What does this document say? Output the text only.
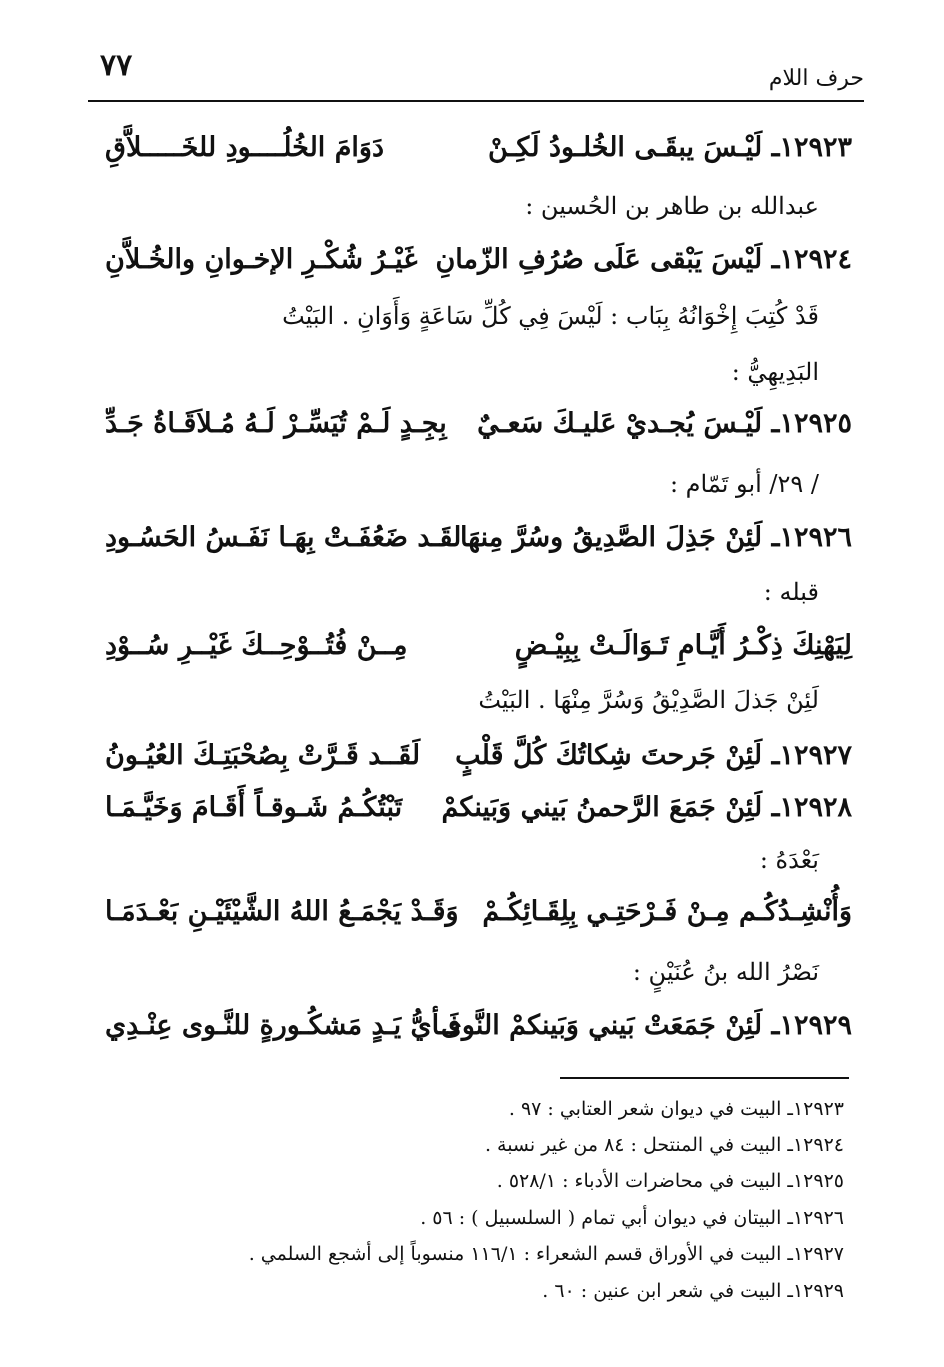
٧٧	حرف اللام
١٢٩٢٣ـ لَيْـسَ يبقَـى الخُلـودُ لَكِـنْ
دَوَامَ الخُلُــــودِ للخَـــــلاَّقِ
عبدالله بن طاهر بن الحُسين :
١٢٩٢٤ـ لَيْسَ يَبْقى عَلَى صُرُفِ الزّمانِ
غَيْـرُ شُكْـرِ الإخـوانِ والخُـلاَّنِ
قَدْ كُتِبَ إِخْوَانُهُ بِبَاب : لَيْسَ فِي كُلِّ سَاعَةٍ وَأَوَانِ . البَيْتُ
البَدِيهِيُّ :
١٢٩٢٥ـ لَيْـسَ يُجـديْ عَليـكَ سَعـيٌ
بِجِـدٍ لَـمْ تُيَسِّـرْ لَـهُ مُـلاَقَـاةُ جَـدِّ
/ ٢٩/ أبو تَمّام :
١٢٩٢٦ـ لَئِنْ جَذِلَ الصَّدِيقُ وسُرَّ مِنهَا
لقَـد ضَعُفَـتْ بِهَـا نَفَـسُ الحَسُـودِ
قبله :
لِيَهْنِكَ ذِكْـرُ أَيَّـامِ تَـوَالَـتْ بِبِيْـضٍ
مِــنْ فُتُــوْحِــكَ غَيْــرِ سُــوْدِ
لَئِنْ جَذلَ الصَّدِيْقُ وَسُرَّ مِنْهَا . البَيْتُ
١٢٩٢٧ـ لَئِنْ جَرحتَ شِكاتُكَ كُلَّ قَلْبٍ
لَقَــد قَـرَّتْ بِصُحْبَتِـكَ العُيُـونُ
١٢٩٢٨ـ لَئِنْ جَمَعَ الرَّحمنُ بَيني وَبَينكمْ
تَبْتُكُـمُ شَـوقـاً أَقَـامَ وَخَيَّـمَـا
بَعْدَهُ :
وَأُنْشِـدُكُـم مِـنْ فَـرْحَتِـي بِلِقَـائِكُـمْ
وَقَـدْ يَجْمَـعُ اللهُ الشَّيْئَيْـنِ بَعْـدَمَـا
نَصْرُ الله بنُ عُنَيْنٍ :
١٢٩٢٩ـ لَئِنْ جَمَعَتْ بَيني وَبَينكمْ النَّوى
فَـأيُّ يَـدٍ مَشكُـورةٍ للنَّـوى عِنْـدِي
١٢٩٢٣ـ البيت في ديوان شعر العتابي : ٩٧ .
١٢٩٢٤ـ البيت في المنتحل : ٨٤ من غير نسبة .
١٢٩٢٥ـ البيت في محاضرات الأدباء : ٥٢٨/١ .
١٢٩٢٦ـ البيتان في ديوان أبي تمام ( السلسبيل ) : ٥٦ .
١٢٩٢٧ـ البيت في الأوراق قسم الشعراء : ١١٦/١ منسوباً إلى أشجع السلمي .
١٢٩٢٩ـ البيت في شعر ابن عنين : ٦٠ .
